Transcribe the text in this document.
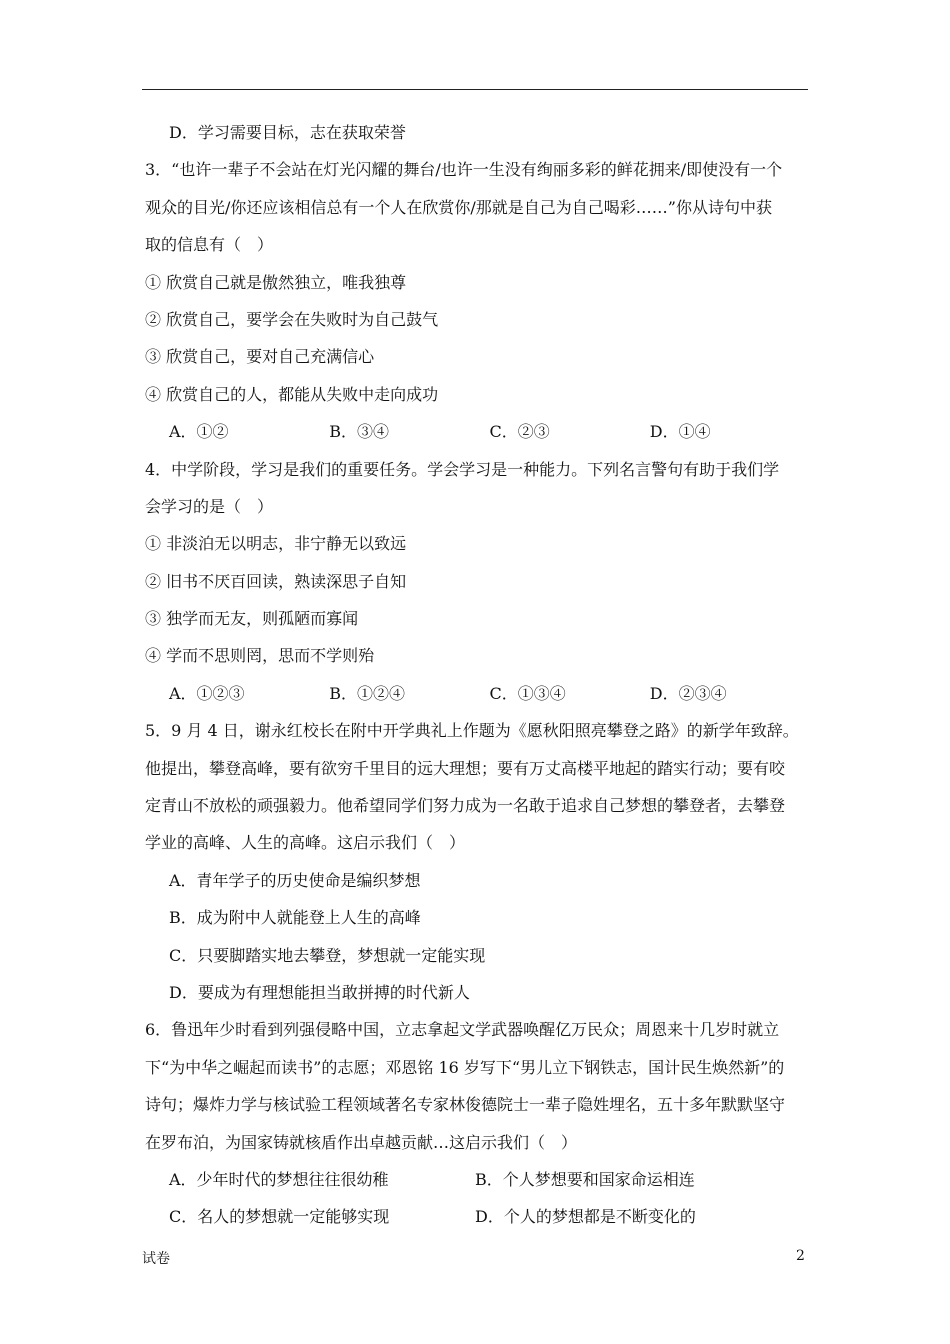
D．学习需要目标，志在获取荣誉
3．“也许一辈子不会站在灯光闪耀的舞台/也许一生没有绚丽多彩的鲜花拥来/即使没有一个
观众的目光/你还应该相信总有一个人在欣赏你/那就是自己为自己喝彩……”你从诗句中获
取的信息有（　）
① 欣赏自己就是傲然独立，唯我独尊
② 欣赏自己，要学会在失败时为自己鼓气
③ 欣赏自己，要对自己充满信心
④ 欣赏自己的人，都能从失败中走向成功
A．①②	B．③④	C．②③	D．①④
4．中学阶段，学习是我们的重要任务。学会学习是一种能力。下列名言警句有助于我们学
会学习的是（　）
① 非淡泊无以明志，非宁静无以致远
② 旧书不厌百回读，熟读深思子自知
③ 独学而无友，则孤陋而寡闻
④ 学而不思则罔，思而不学则殆
A．①②③	B．①②④	C．①③④	D．②③④
5．9 月 4 日，谢永红校长在附中开学典礼上作题为《愿秋阳照亮攀登之路》的新学年致辞。
他提出，攀登高峰，要有欲穷千里目的远大理想；要有万丈高楼平地起的踏实行动；要有咬
定青山不放松的顽强毅力。他希望同学们努力成为一名敢于追求自己梦想的攀登者，去攀登
学业的高峰、人生的高峰。这启示我们（　）
A．青年学子的历史使命是编织梦想
B．成为附中人就能登上人生的高峰
C．只要脚踏实地去攀登，梦想就一定能实现
D．要成为有理想能担当敢拼搏的时代新人
6．鲁迅年少时看到列强侵略中国，立志拿起文学武器唤醒亿万民众；周恩来十几岁时就立
下“为中华之崛起而读书”的志愿；邓恩铭 16 岁写下“男儿立下钢铁志，国计民生焕然新”的
诗句；爆炸力学与核试验工程领域著名专家林俊德院士一辈子隐姓埋名，五十多年默默坚守
在罗布泊，为国家铸就核盾作出卓越贡献…这启示我们（　）
A．少年时代的梦想往往很幼稚	B．个人梦想要和国家命运相连
C．名人的梦想就一定能够实现	D．个人的梦想都是不断变化的
试卷	2
